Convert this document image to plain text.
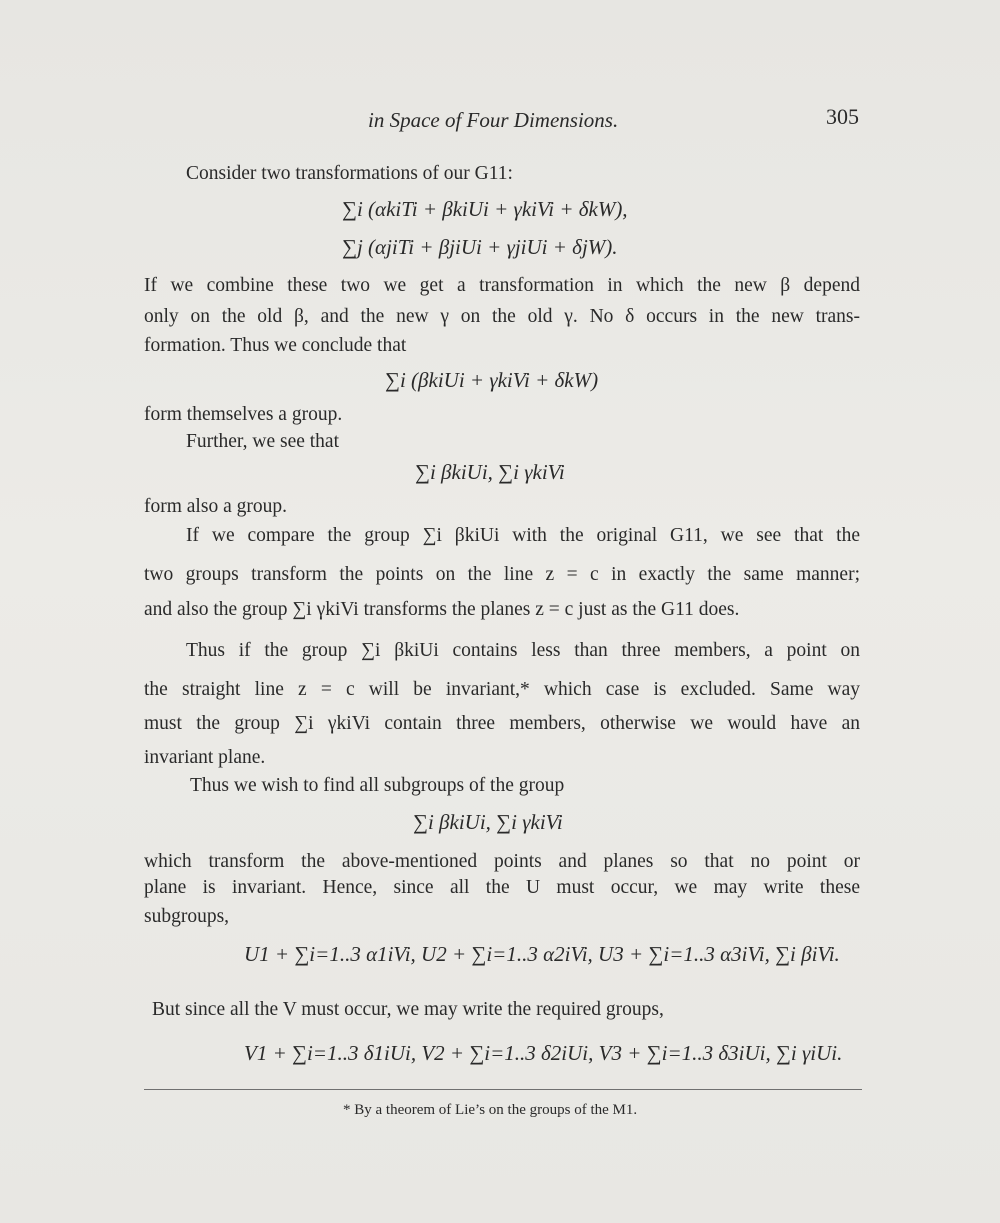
in Space of Four Dimensions.	305
Consider two transformations of our G11:
∑i (αkiTi + βkiUi + γkiVi + δkW),
∑j (αjiTi + βjiUi + γjiUi + δjW).
If we combine these two we get a transformation in which the new β depend
only on the old β, and the new γ on the old γ. No δ occurs in the new trans-
formation. Thus we conclude that
∑i (βkiUi + γkiVi + δkW)
form themselves a group.
Further, we see that
∑i βkiUi, ∑i γkiVi
form also a group.
If we compare the group ∑i βkiUi with the original G11, we see that the
two groups transform the points on the line z = c in exactly the same manner;
and also the group ∑i γkiVi transforms the planes z = c just as the G11 does.
Thus if the group ∑i βkiUi contains less than three members, a point on
the straight line z = c will be invariant,* which case is excluded. Same way
must the group ∑i γkiVi contain three members, otherwise we would have an
invariant plane.
Thus we wish to find all subgroups of the group
∑i βkiUi, ∑i γkiVi
which transform the above-mentioned points and planes so that no point or
plane is invariant. Hence, since all the U must occur, we may write these
subgroups,
U1 + ∑i=1..3 α1iVi, U2 + ∑i=1..3 α2iVi, U3 + ∑i=1..3 α3iVi, ∑i βiVi.
But since all the V must occur, we may write the required groups,
V1 + ∑i=1..3 δ1iUi, V2 + ∑i=1..3 δ2iUi, V3 + ∑i=1..3 δ3iUi, ∑i γiUi.
* By a theorem of Lie’s on the groups of the M1.
